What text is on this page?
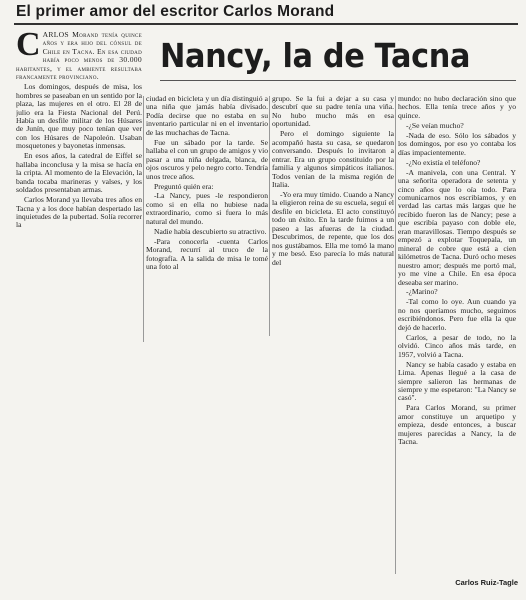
El primer amor del escritor Carlos Morand
Nancy, la de Tacna

CARLOS Morand tenía quince años y era hijo del cónsul de Chile en Tacna. En esa ciudad había poco menos de 30.000 habitantes, y el ambiente resultaba francamente provinciano.

Los domingos, después de misa, los hombres se paseaban en un sentido por la plaza, las mujeres en el otro. El 28 de julio era la Fiesta Nacional del Perú. Había un desfile militar de los Húsares de Junín, que muy poco tenían que ver con los Húsares de Napoleón. Usaban mosquetones y bayonetas inmensas.

En esos años, la catedral de Eiffel se hallaba inconclusa y la misa se hacía en la cripta. Al momento de la Elevación, la banda tocaba marineras y valses, y los soldados presentaban armas.

Carlos Morand ya llevaba tres años en Tacna y a los doce habían despertado las inquietudes de la pubertad. Solía recorrer la

ciudad en bicicleta y un día distinguió a una niña que jamás había divisado. Podía decirse que no estaba en su inventario particular ni en el inventario de las muchachas de Tacna.

Fue un sábado por la tarde. Se hallaba el con un grupo de amigos y vio pasar a una niña delgada, blanca, de ojos oscuros y pelo negro corto. Tendría unos trece años.

Preguntó quién era:

-La Nancy, pues -le respondieron como si en ella no hubiese nada extraordinario, como si fuera lo más natural del mundo.

Nadie había descubierto su atractivo.

-Para conocerla -cuenta Carlos Morand, recurrí al truco de la fotografía. A la salida de misa le tomé una foto al

grupo. Se la fui a dejar a su casa y descubrí que su padre tenía una viña. No hubo mucho más en esa oportunidad.

Pero el domingo siguiente la acompañó hasta su casa, se quedaron conversando. Después lo invitaron a entrar. Era un grupo constituido por la familia y algunos simpáticos italianos. Todos venían de la misma región de Italia.

-Yo era muy tímido. Cuando a Nancy la eligieron reina de su escuela, seguí el desfile en bicicleta. El acto constituyó todo un éxito. En la tarde fuimos a un paseo a las afueras de la ciudad. Descubrimos, de repente, que los dos nos gustábamos. Ella me tomó la mano y me besó. Eso parecía lo más natural del

mundo: no hubo declaración sino que hechos. Ella tenía trece años y yo quince.

-¿Se veían mucho?

-Nada de eso. Sólo los sábados y los domingos, por eso yo contaba los días impacientemente.

-¿No existía el teléfono?

-A manivela, con una Central. Y una señorita operadora de setenta y cinco años que lo oía todo. Para comunicarnos nos escribíamos, y en verdad las cartas más largas que he recibido fueron las de Nancy; pese a que escribía payaso con doble ele, eran maravillosas. Tiempo después se empezó a explotar Toquepala, un mineral de cobre que está a cien kilómetros de Tacna. Duró ocho meses nuestro amor; después me portó mal, yo me vine a Chile. En esa época deseaba ser marino.

-¿Marino?

-Tal como lo oye. Aun cuando ya no nos queríamos mucho, seguimos escribiéndonos. Pero fue ella la que dejó de hacerlo.

Carlos, a pesar de todo, no la olvidó. Cinco años más tarde, en 1957, volvió a Tacna.

Nancy se había casado y estaba en Lima. Apenas llegué a la casa de siempre salieron las hermanas de siempre y me espetaron: "La Nancy se casó".

Para Carlos Morand, su primer amor constituye un arquetipo y empieza, desde entonces, a buscar mujeres parecidas a Nancy, la de Tacna.

Carlos Ruiz-Tagle
